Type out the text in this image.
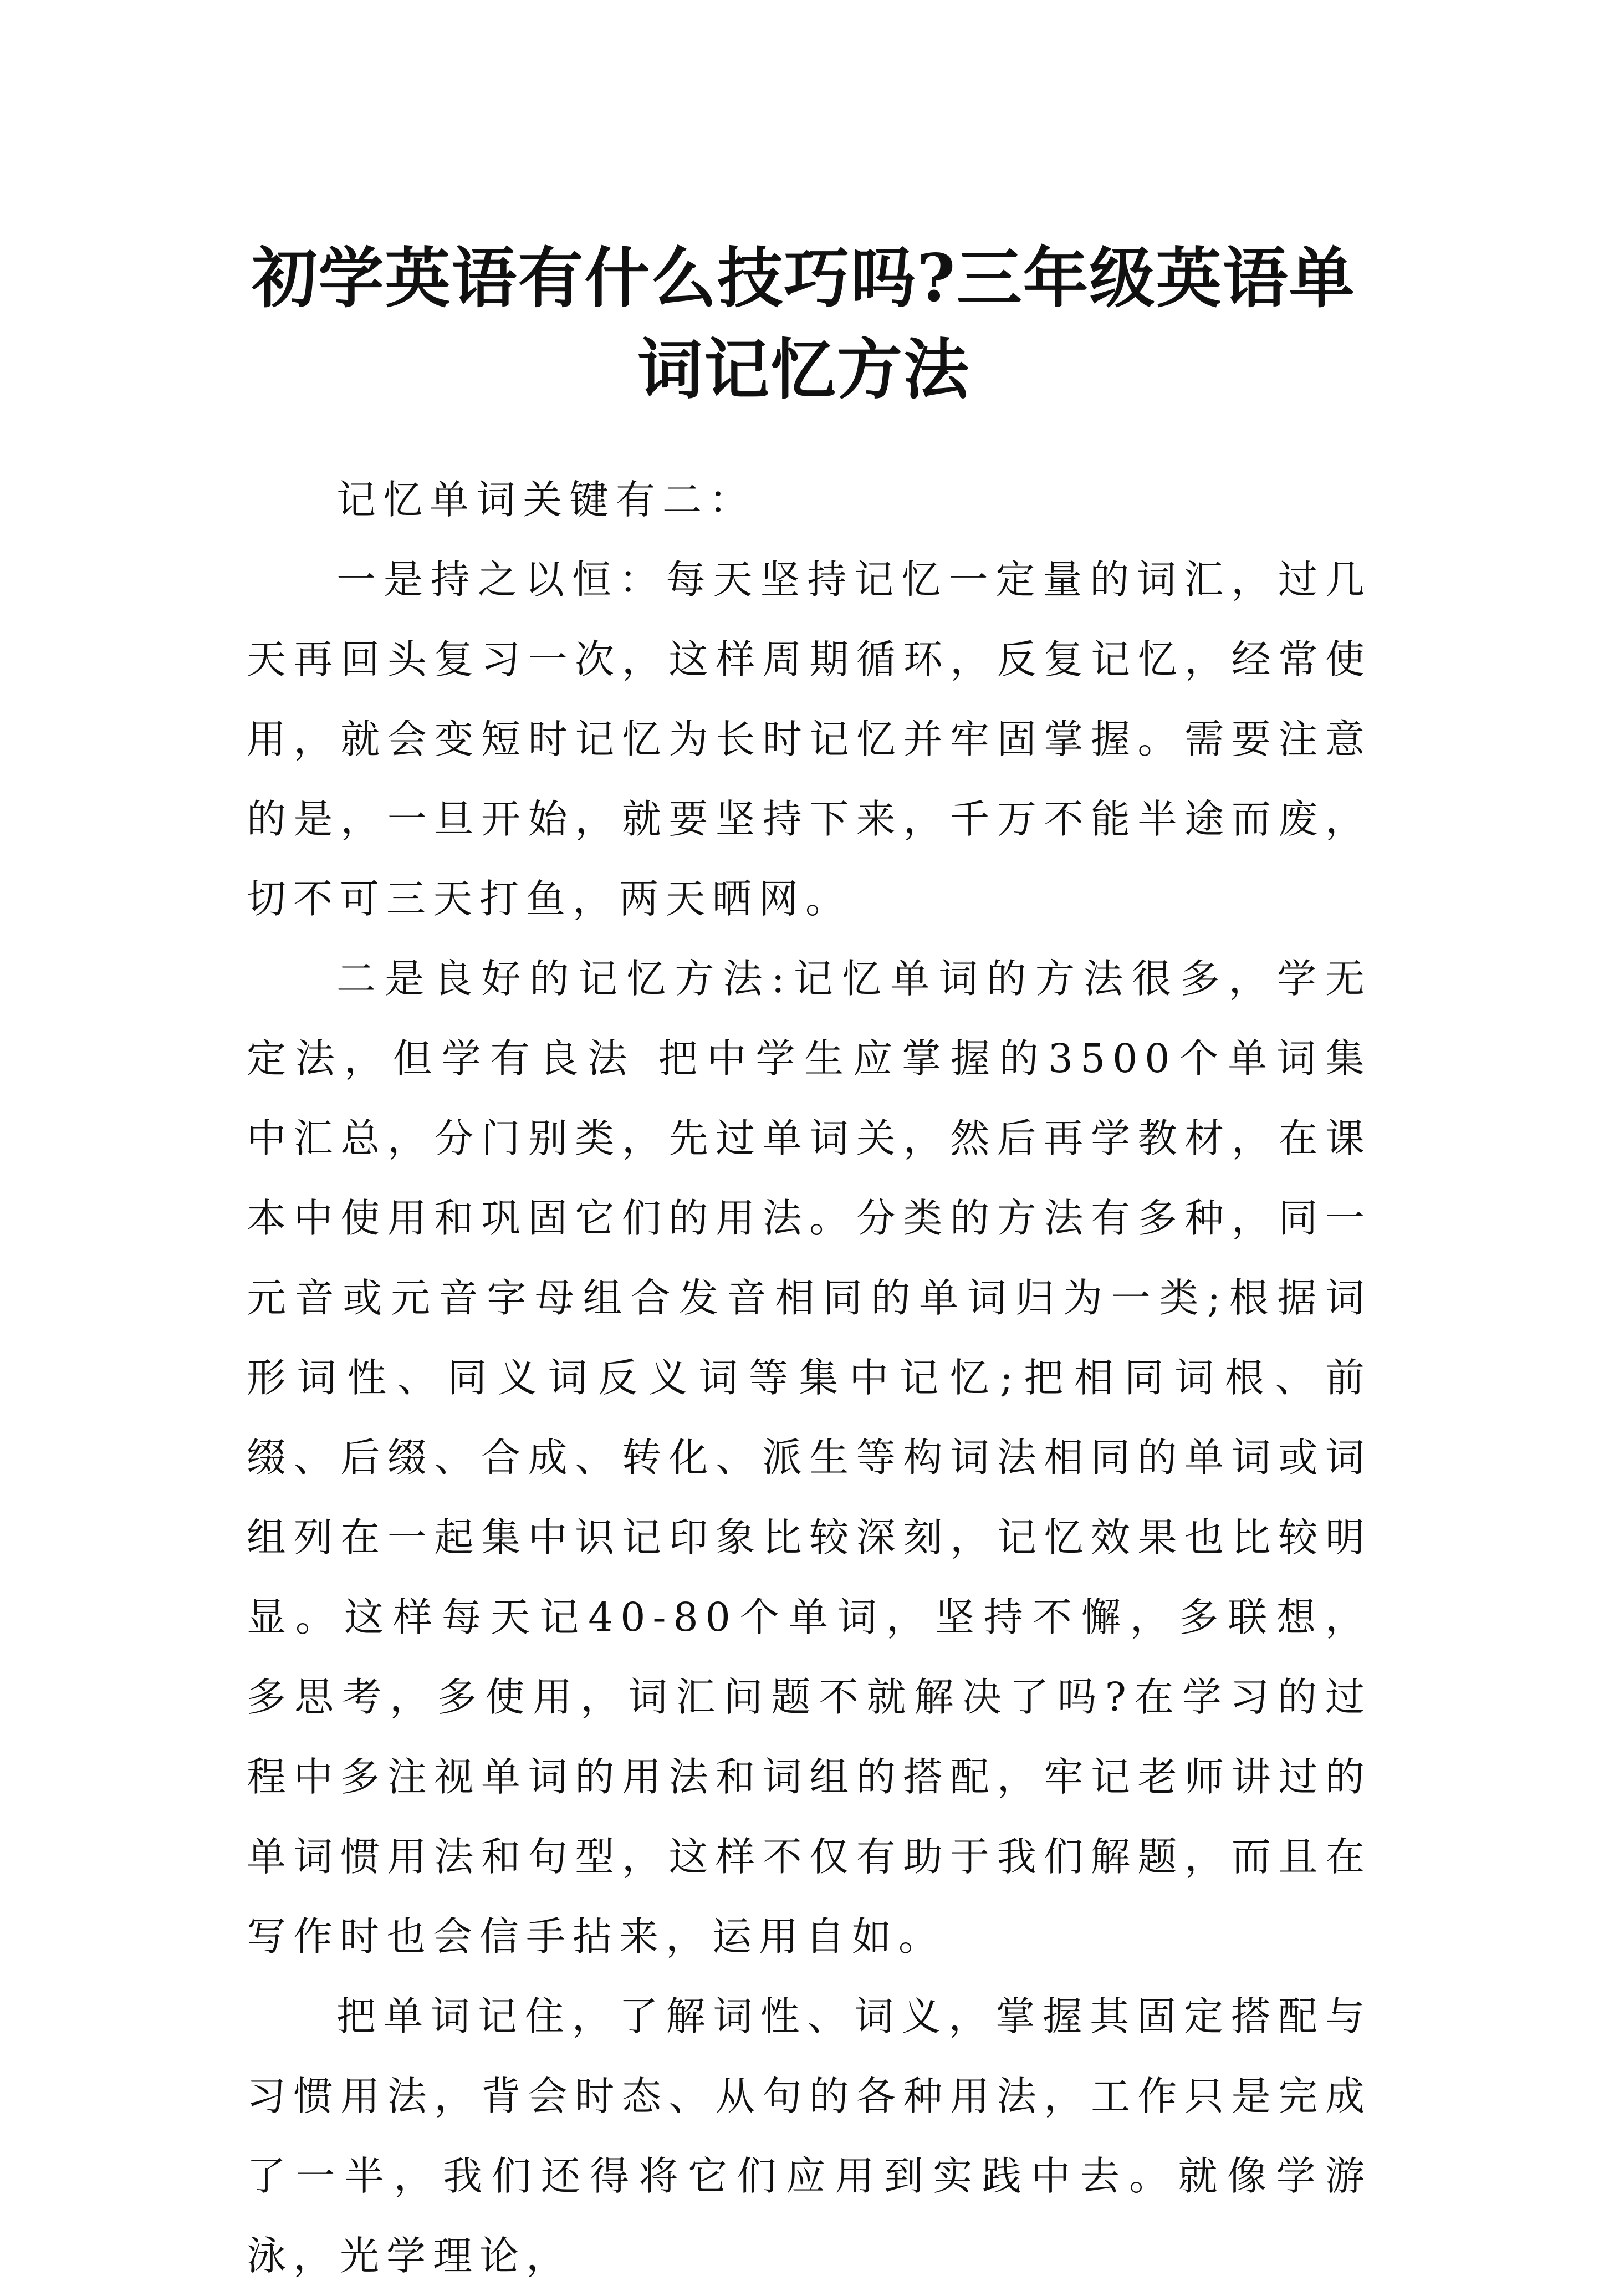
初学英语有什么技巧吗?三年级英语单词记忆方法

记忆单词关键有二：

一是持之以恒：每天坚持记忆一定量的词汇，过几天再回头复习一次，这样周期循环，反复记忆，经常使用，就会变短时记忆为长时记忆并牢固掌握。需要注意的是，一旦开始，就要坚持下来，千万不能半途而废，切不可三天打鱼，两天晒网。

二是良好的记忆方法:记忆单词的方法很多，学无定法，但学有良法 把中学生应掌握的3500个单词集中汇总，分门别类，先过单词关，然后再学教材，在课本中使用和巩固它们的用法。分类的方法有多种，同一元音或元音字母组合发音相同的单词归为一类;根据词形词性、同义词反义词等集中记忆;把相同词根、前缀、后缀、合成、转化、派生等构词法相同的单词或词组列在一起集中识记印象比较深刻，记忆效果也比较明显。这样每天记40-80个单词，坚持不懈，多联想，多思考，多使用，词汇问题不就解决了吗?在学习的过程中多注视单词的用法和词组的搭配，牢记老师讲过的单词惯用法和句型，这样不仅有助于我们解题，而且在写作时也会信手拈来，运用自如。

把单词记住，了解词性、词义，掌握其固定搭配与习惯用法，背会时态、从句的各种用法，工作只是完成了一半，我们还得将它们应用到实践中去。就像学游泳，光学理论，
